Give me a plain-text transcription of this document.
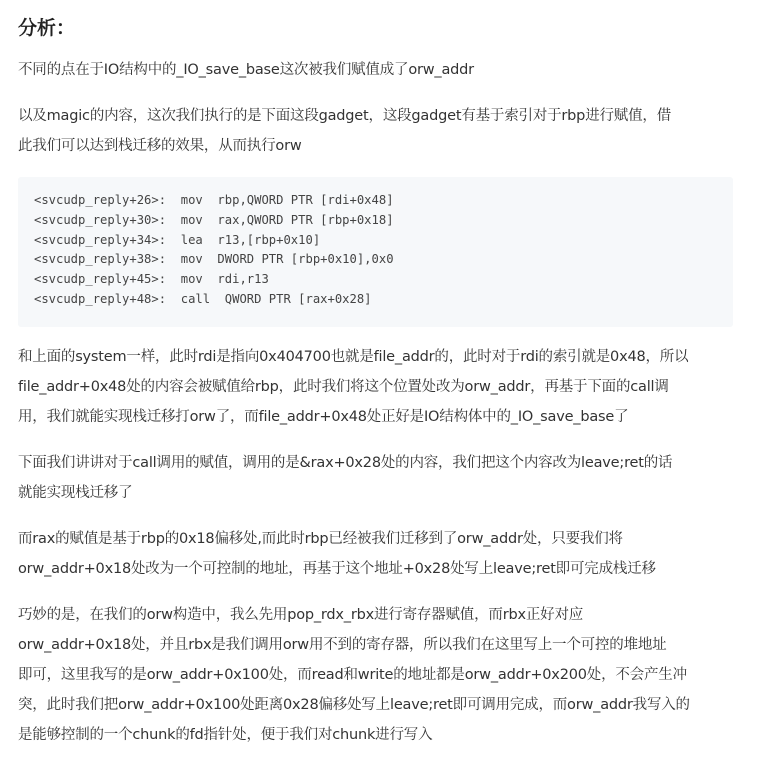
分析：

不同的点在于IO结构中的_IO_save_base这次被我们赋值成了orw_addr

以及magic的内容，这次我们执行的是下面这段gadget，这段gadget有基于索引对于rbp进行赋值，借
此我们可以达到栈迁移的效果，从而执行orw

<svcudp_reply+26>:  mov  rbp,QWORD PTR [rdi+0x48]
<svcudp_reply+30>:  mov  rax,QWORD PTR [rbp+0x18]
<svcudp_reply+34>:  lea  r13,[rbp+0x10]
<svcudp_reply+38>:  mov  DWORD PTR [rbp+0x10],0x0
<svcudp_reply+45>:  mov  rdi,r13
<svcudp_reply+48>:  call  QWORD PTR [rax+0x28]

和上面的system一样，此时rdi是指向0x404700也就是file_addr的，此时对于rdi的索引就是0x48，所以
file_addr+0x48处的内容会被赋值给rbp，此时我们将这个位置处改为orw_addr，再基于下面的call调
用，我们就能实现栈迁移打orw了，而file_addr+0x48处正好是IO结构体中的_IO_save_base了

下面我们讲讲对于call调用的赋值，调用的是&rax+0x28处的内容，我们把这个内容改为leave;ret的话
就能实现栈迁移了

而rax的赋值是基于rbp的0x18偏移处,而此时rbp已经被我们迁移到了orw_addr处，只要我们将
orw_addr+0x18处改为一个可控制的地址，再基于这个地址+0x28处写上leave;ret即可完成栈迁移

巧妙的是，在我们的orw构造中，我么先用pop_rdx_rbx进行寄存器赋值，而rbx正好对应
orw_addr+0x18处，并且rbx是我们调用orw用不到的寄存器，所以我们在这里写上一个可控的堆地址
即可，这里我写的是orw_addr+0x100处，而read和write的地址都是orw_addr+0x200处，不会产生冲
突，此时我们把orw_addr+0x100处距离0x28偏移处写上leave;ret即可调用完成，而orw_addr我写入的
是能够控制的一个chunk的fd指针处，便于我们对chunk进行写入
